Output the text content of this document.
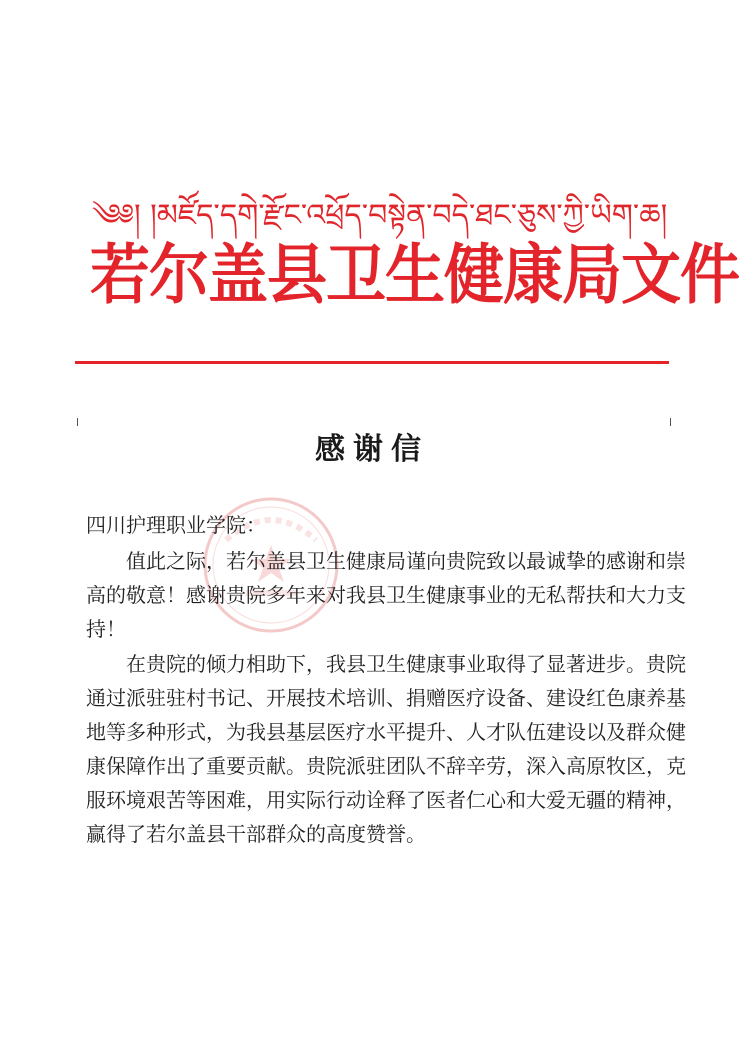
༄༅། །མཛོད་དགེ་རྫོང་འཕྲོད་བསྟེན་བདེ་ཐང་ཅུས་ཀྱི་ཡིག་ཆ།
若尔盖县卫生健康局文件
感谢信

四川护理职业学院：

值此之际，若尔盖县卫生健康局谨向贵院致以最诚挚的感谢和崇高的敬意！感谢贵院多年来对我县卫生健康事业的无私帮扶和大力支持！

在贵院的倾力相助下，我县卫生健康事业取得了显著进步。贵院通过派驻驻村书记、开展技术培训、捐赠医疗设备、建设红色康养基地等多种形式，为我县基层医疗水平提升、人才队伍建设以及群众健康保障作出了重要贡献。贵院派驻团队不辞辛劳，深入高原牧区，克服环境艰苦等困难，用实际行动诠释了医者仁心和大爱无疆的精神，赢得了若尔盖县干部群众的高度赞誉。
